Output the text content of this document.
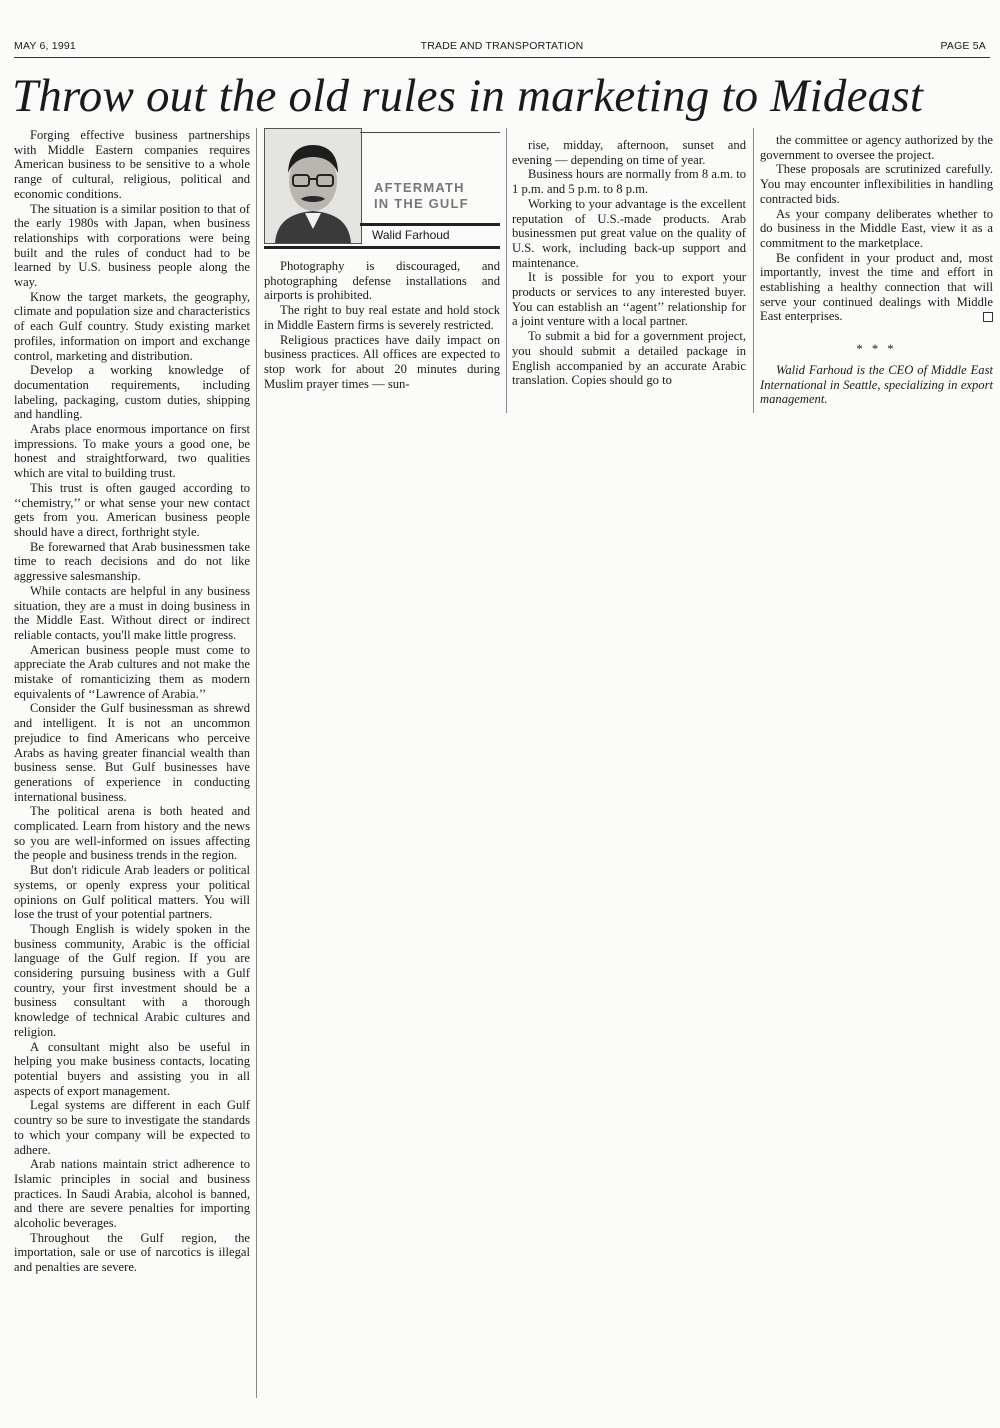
MAY 6, 1991	TRADE AND TRANSPORTATION	PAGE 5A
Throw out the old rules in marketing to Mideast

Forging effective business partnerships with Middle Eastern companies requires American business to be sensitive to a whole range of cultural, religious, political and economic conditions.

The situation is a similar position to that of the early 1980s with Japan, when business relationships with corporations were being built and the rules of conduct had to be learned by U.S. business people along the way.

Know the target markets, the geography, climate and population size and characteristics of each Gulf country. Study existing market profiles, information on import and exchange control, marketing and distribution.

Develop a working knowledge of documentation requirements, including labeling, packaging, custom duties, shipping and handling.

Arabs place enormous importance on first impressions. To make yours a good one, be honest and straightforward, two qualities which are vital to building trust.

This trust is often gauged according to ‘‘chemistry,’’ or what sense your new contact gets from you. American business people should have a direct, forthright style.

Be forewarned that Arab businessmen take time to reach decisions and do not like aggressive salesmanship.

While contacts are helpful in any business situation, they are a must in doing business in the Middle East. Without direct or indirect reliable contacts, you'll make little progress.

American business people must come to appreciate the Arab cultures and not make the mistake of romanticizing them as modern equivalents of ‘‘Lawrence of Arabia.’’

Consider the Gulf businessman as shrewd and intelligent. It is not an uncommon prejudice to find Americans who perceive Arabs as having greater financial wealth than business sense. But Gulf businesses have generations of experience in conducting international business.

The political arena is both heated and complicated. Learn from history and the news so you are well-informed on issues affecting the people and business trends in the region.

But don't ridicule Arab leaders or political systems, or openly express your political opinions on Gulf political matters. You will lose the trust of your potential partners.

Though English is widely spoken in the business community, Arabic is the official language of the Gulf region. If you are considering pursuing business with a Gulf country, your first investment should be a business consultant with a thorough knowledge of technical Arabic cultures and religion.

A consultant might also be useful in helping you make business contacts, locating potential buyers and assisting you in all aspects of export management.

Legal systems are different in each Gulf country so be sure to investigate the standards to which your company will be expected to adhere.

Arab nations maintain strict adherence to Islamic principles in social and business practices. In Saudi Arabia, alcohol is banned, and there are severe penalties for importing alcoholic beverages.

Throughout the Gulf region, the importation, sale or use of narcotics is illegal and penalties are severe.

AFTERMATH
IN THE GULF
Walid Farhoud

Photography is discouraged, and photographing defense installations and airports is prohibited.

The right to buy real estate and hold stock in Middle Eastern firms is severely restricted.

Religious practices have daily impact on business practices. All offices are expected to stop work for about 20 minutes during Muslim prayer times — sun-

rise, midday, afternoon, sunset and evening — depending on time of year.

Business hours are normally from 8 a.m. to 1 p.m. and 5 p.m. to 8 p.m.

Working to your advantage is the excellent reputation of U.S.-made products. Arab businessmen put great value on the quality of U.S. work, including back-up support and maintenance.

It is possible for you to export your products or services to any interested buyer. You can establish an ‘‘agent’’ relationship for a joint venture with a local partner.

To submit a bid for a government project, you should submit a detailed package in English accompanied by an accurate Arabic translation. Copies should go to

the committee or agency authorized by the government to oversee the project.

These proposals are scrutinized carefully. You may encounter inflexibilities in handling contracted bids.

As your company deliberates whether to do business in the Middle East, view it as a commitment to the marketplace.

Be confident in your product and, most importantly, invest the time and effort in establishing a healthy connection that will serve your continued dealings with Middle East enterprises.

* * *

Walid Farhoud is the CEO of Middle East International in Seattle, specializing in export management.
